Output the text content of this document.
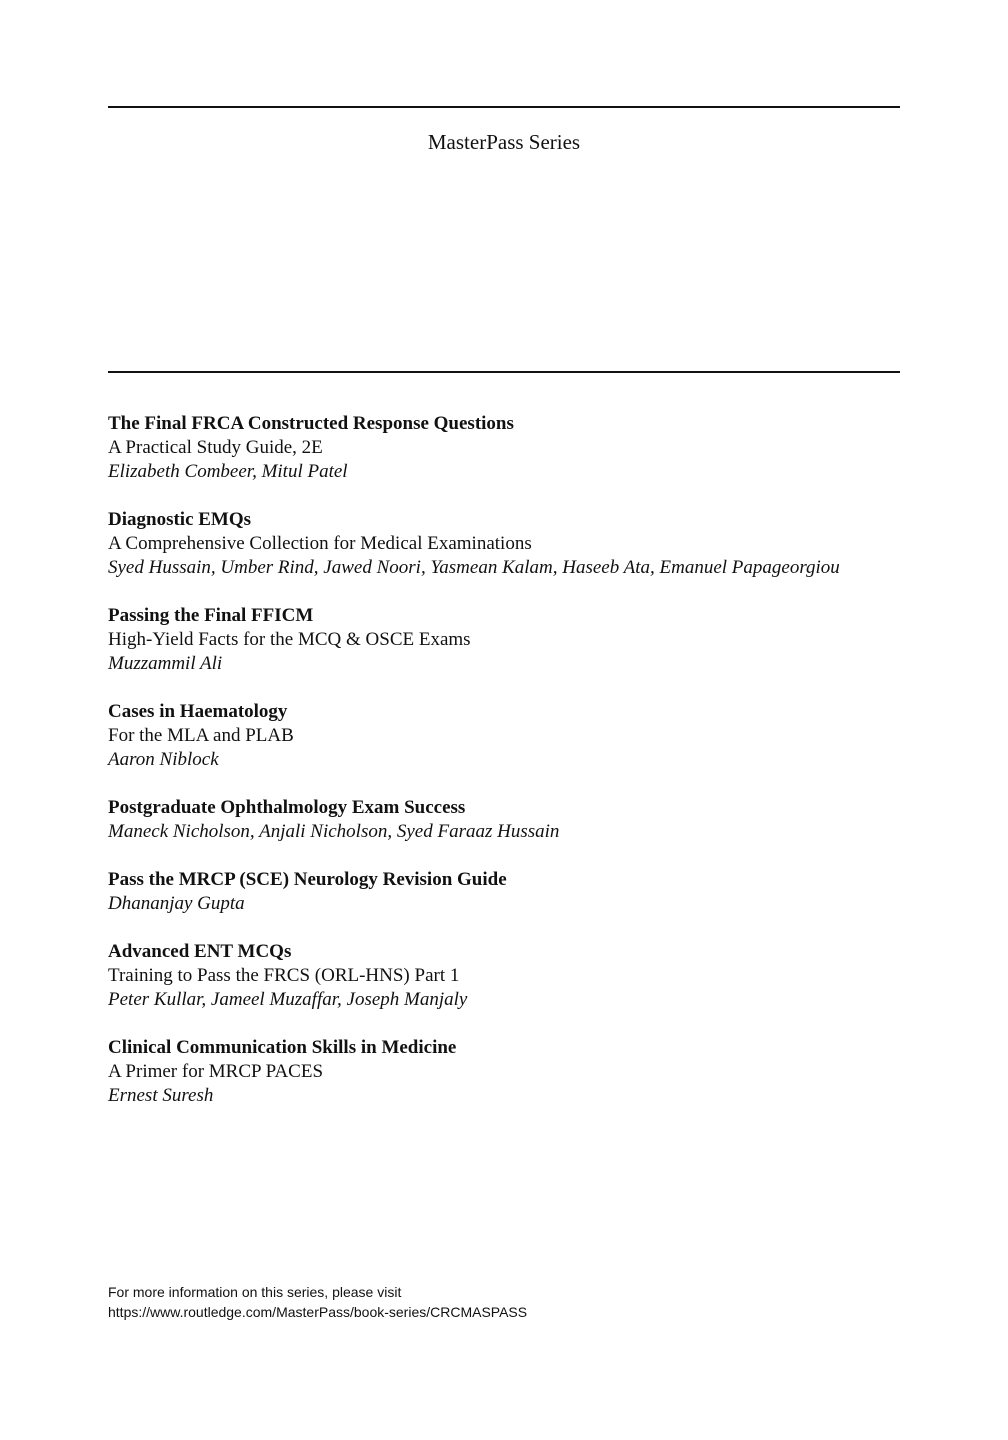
MasterPass Series
The Final FRCA Constructed Response Questions
A Practical Study Guide, 2E
Elizabeth Combeer, Mitul Patel
Diagnostic EMQs
A Comprehensive Collection for Medical Examinations
Syed Hussain, Umber Rind, Jawed Noori, Yasmean Kalam, Haseeb Ata, Emanuel Papageorgiou
Passing the Final FFICM
High-Yield Facts for the MCQ & OSCE Exams
Muzzammil Ali
Cases in Haematology
For the MLA and PLAB
Aaron Niblock
Postgraduate Ophthalmology Exam Success
Maneck Nicholson, Anjali Nicholson, Syed Faraaz Hussain
Pass the MRCP (SCE) Neurology Revision Guide
Dhananjay Gupta
Advanced ENT MCQs
Training to Pass the FRCS (ORL-HNS) Part 1
Peter Kullar, Jameel Muzaffar, Joseph Manjaly
Clinical Communication Skills in Medicine
A Primer for MRCP PACES
Ernest Suresh
For more information on this series, please visit
https://www.routledge.com/MasterPass/book-series/CRCMASPASS
